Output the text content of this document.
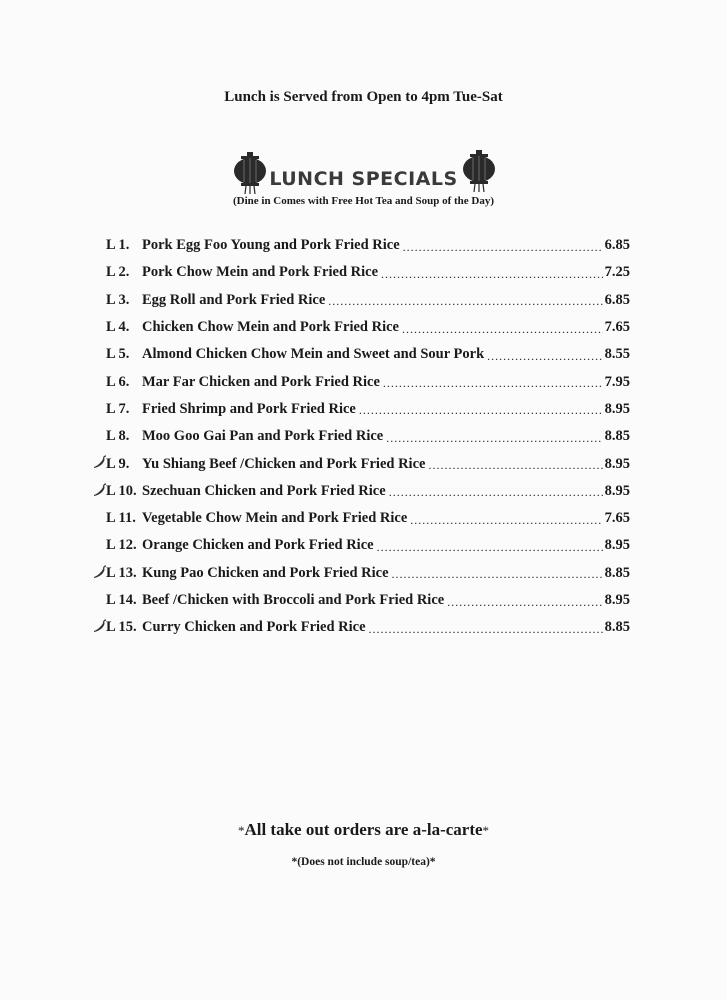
Lunch is Served from Open to 4pm Tue-Sat
LUNCH SPECIALS
(Dine in Comes with Free Hot Tea and Soup of the Day)
L 1. Pork Egg Foo Young and Pork Fried Rice .....	6.85
L 2. Pork Chow Mein and Pork Fried Rice .....	7.25
L 3. Egg Roll and Pork Fried Rice .....	6.85
L 4. Chicken Chow Mein and Pork Fried Rice .....	7.65
L 5. Almond Chicken Chow Mein and Sweet and Sour Pork .....	8.55
L 6. Mar Far Chicken and Pork Fried Rice .....	7.95
L 7. Fried Shrimp and Pork Fried Rice .....	8.95
L 8. Moo Goo Gai Pan and Pork Fried Rice .....	8.85
L 9. Yu Shiang Beef /Chicken and Pork Fried Rice .....	8.95
L 10. Szechuan Chicken and Pork Fried Rice .....	8.95
L 11. Vegetable Chow Mein and Pork Fried Rice .....	7.65
L 12. Orange Chicken and Pork Fried Rice .....	8.95
L 13. Kung Pao Chicken and Pork Fried Rice .....	8.85
L 14. Beef /Chicken with Broccoli and Pork Fried Rice .....	8.95
L 15. Curry Chicken and Pork Fried Rice .....	8.85
*All take out orders are a-la-carte*
*(Does not include soup/tea)*
